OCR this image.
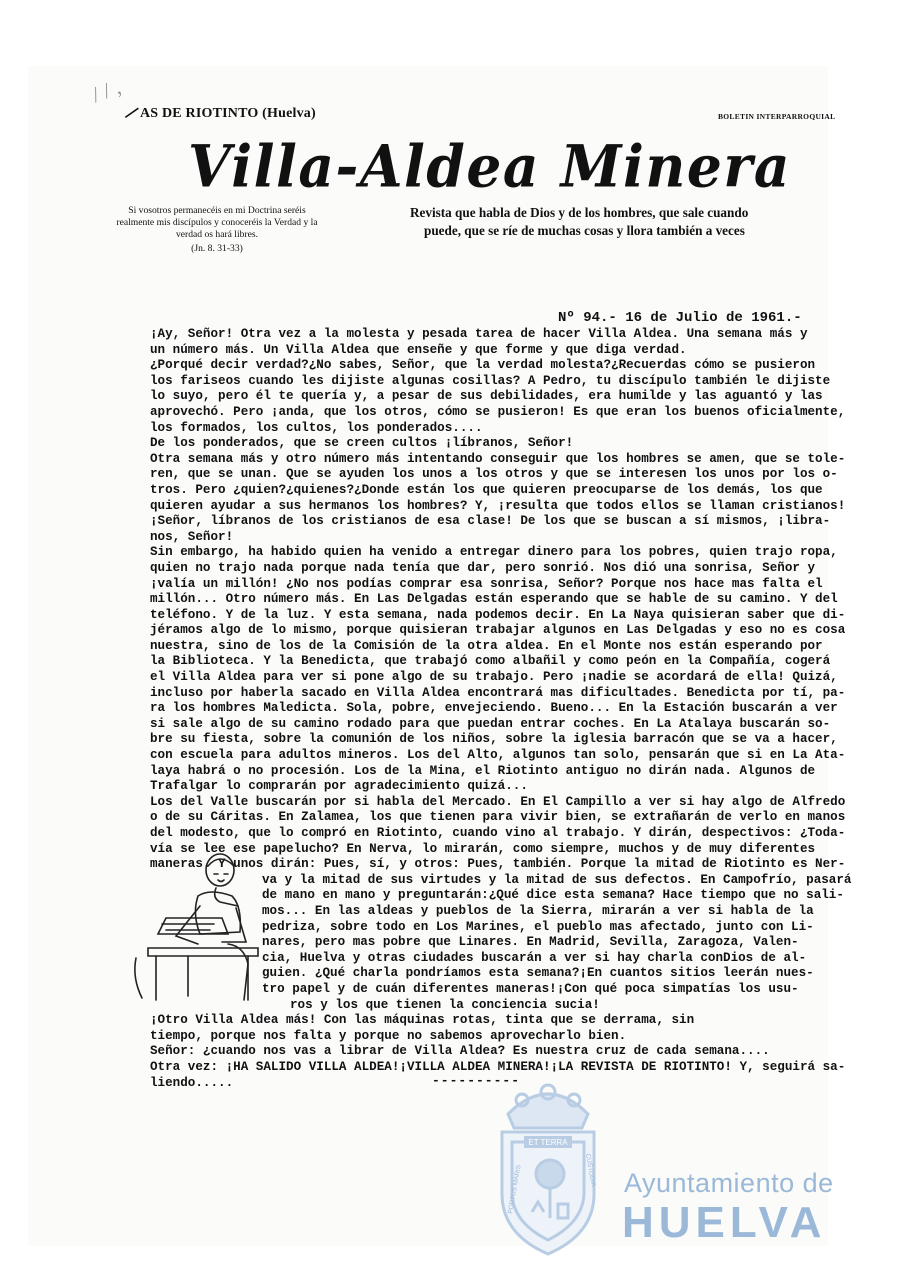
/ / ,
—
AS DE RIOTINTO (Huelva)	BOLETIN INTERPARROQUIAL
Villa-Aldea Minera
Si vosotros permanecéis en mi Doctrina seréis realmente mis discípulos y conoceréis la Verdad y la verdad os hará libres.
(Jn. 8. 31-33)
Revista que habla de Dios y de los hombres, que sale cuando
puede, que se ríe de muchas cosas y llora también a veces
Nº 94.- 16 de Julio de 1961.-
¡Ay, Señor! Otra vez a la molesta y pesada tarea de hacer Villa Aldea. Una semana más y
un número más. Un Villa Aldea que enseñe y que forme y que diga verdad.
¿Porqué decir verdad?¿No sabes, Señor, que la verdad molesta?¿Recuerdas cómo se pusieron
los fariseos cuando les dijiste algunas cosillas? A Pedro, tu discípulo también le dijiste
lo suyo, pero él te quería y, a pesar de sus debilidades, era humilde y las aguantó y las
aprovechó. Pero ¡anda, que los otros, cómo se pusieron! Es que eran los buenos oficialmente,
los formados, los cultos, los ponderados....
De los ponderados, que se creen cultos ¡líbranos, Señor!
Otra semana más y otro número más intentando conseguir que los hombres se amen, que se tole-
ren, que se unan. Que se ayuden los unos a los otros y que se interesen los unos por los o-
tros. Pero ¿quien?¿quienes?¿Donde están los que quieren preocuparse de los demás, los que
quieren ayudar a sus hermanos los hombres? Y, ¡resulta que todos ellos se llaman cristianos!
¡Señor, líbranos de los cristianos de esa clase! De los que se buscan a sí mismos, ¡libra-
nos, Señor!
Sin embargo, ha habido quien ha venido a entregar dinero para los pobres, quien trajo ropa,
quien no trajo nada porque nada tenía que dar, pero sonrió. Nos dió una sonrisa, Señor y
¡valía un millón! ¿No nos podías comprar esa sonrisa, Señor? Porque nos hace mas falta el
millón... Otro número más. En Las Delgadas están esperando que se hable de su camino. Y del
teléfono. Y de la luz. Y esta semana, nada podemos decir. En La Naya quisieran saber que di-
jéramos algo de lo mismo, porque quisieran trabajar algunos en Las Delgadas y eso no es cosa
nuestra, sino de los de la Comisión de la otra aldea. En el Monte nos están esperando por
la Biblioteca. Y la Benedicta, que trabajó como albañil y como peón en la Compañía, cogerá
el Villa Aldea para ver si pone algo de su trabajo. Pero ¡nadie se acordará de ella! Quizá,
incluso por haberla sacado en Villa Aldea encontrará mas dificultades. Benedicta por tí, pa-
ra los hombres Maledicta. Sola, pobre, envejeciendo. Bueno... En la Estación buscarán a ver
si sale algo de su camino rodado para que puedan entrar coches. En La Atalaya buscarán so-
bre su fiesta, sobre la comunión de los niños, sobre la iglesia barracón que se va a hacer,
con escuela para adultos mineros. Los del Alto, algunos tan solo, pensarán que si en La Ata-
laya habrá o no procesión. Los de la Mina, el Riotinto antiguo no dirán nada. Algunos de
Trafalgar lo comprarán por agradecimiento quizá...
Los del Valle buscarán por si habla del Mercado. En El Campillo a ver si hay algo de Alfredo
o de su Cáritas. En Zalamea, los que tienen para vivir bien, se extrañarán de verlo en manos
del modesto, que lo compró en Riotinto, cuando vino al trabajo. Y dirán, despectivos: ¿Toda-
vía se lee ese papelucho? En Nerva, lo mirarán, como siempre, muchos y de muy diferentes
maneras. Y unos dirán: Pues, sí, y otros: Pues, también. Porque la mitad de Riotinto es Ner-
va y la mitad de sus virtudes y la mitad de sus defectos. En Campofrío, pasará
de mano en mano y preguntarán:¿Qué dice esta semana? Hace tiempo que no sali-
mos... En las aldeas y pueblos de la Sierra, mirarán a ver si habla de la
pedriza, sobre todo en Los Marines, el pueblo mas afectado, junto con Li-
nares, pero mas pobre que Linares. En Madrid, Sevilla, Zaragoza, Valen-
cia, Huelva y otras ciudades buscarán a ver si hay charla conDios de al-
guien. ¿Qué charla pondríamos esta semana?¡En cuantos sitios leerán nues-
tro papel y de cuán diferentes maneras!¡Con qué poca simpatías los usu-
ros y los que tienen la conciencia sucia!
¡Otro Villa Aldea más! Con las máquinas rotas, tinta que se derrama, sin
tiempo, porque nos falta y porque no sabemos aprovecharlo bien.
Señor: ¿cuando nos vas a librar de Villa Aldea? Es nuestra cruz de cada semana....
Otra vez: ¡HA SALIDO VILLA ALDEA!¡VILLA ALDEA MINERA!¡LA REVISTA DE RIOTINTO! Y, seguirá sa-
liendo.....	----------
ET TERRA
PORTUS MARIS	CUSTODIA Ayuntamiento de
HUELVA
